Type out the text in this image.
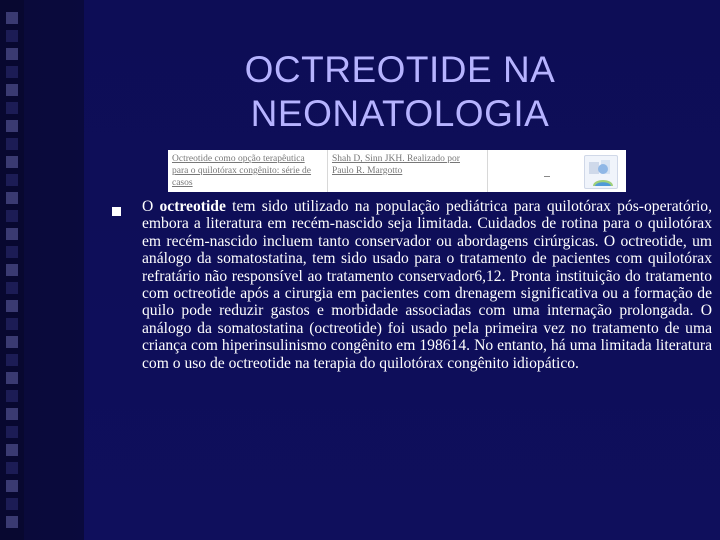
OCTREOTIDE NA
NEONATOLOGIA
Octreotide como opção terapêutica para o quilotórax congênito: série de casos
Shah D, Sinn JKH. Realizado por Paulo R. Margotto
O octreotide tem sido utilizado na população pediátrica para quilotórax pós-operatório, embora a literatura em recém-nascido seja limitada. Cuidados de rotina para o quilotórax em recém-nascido incluem tanto conservador ou abordagens cirúrgicas. O octreotide, um análogo da somatostatina, tem sido usado para o tratamento de pacientes com quilotórax refratário não responsível ao tratamento conservador6,12. Pronta instituição do tratamento com octreotide após a cirurgia em pacientes com drenagem significativa ou a formação de quilo pode reduzir gastos e morbidade associadas com uma internação prolongada. O análogo da somatostatina (octreotide) foi usado pela primeira vez no tratamento de uma criança com hiperinsulinismo congênito em 198614. No entanto, há uma limitada literatura com o uso de octreotide na terapia do quilotórax congênito idiopático.
